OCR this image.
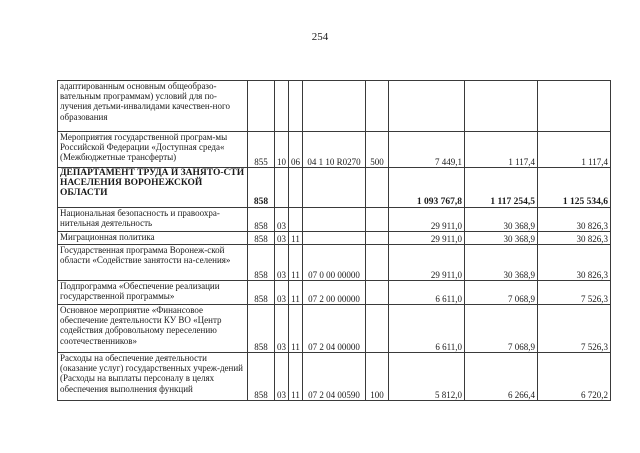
254
адаптированным основным общеобразо-вательным программам) условий для по-лучения детьми-инвалидами качествен-ного образования								
Мероприятия государственной програм-мы Российской Федерации «Доступная среда« (Межбюджетные трансферты)	855	10	06	04 1 10 R0270	500	7 449,1	1 117,4	1 117,4
ДЕПАРТАМЕНТ ТРУДА И ЗАНЯТО-СТИ НАСЕЛЕНИЯ ВОРОНЕЖСКОЙ ОБЛАСТИ	858					1 093 767,8	1 117 254,5	1 125 534,6
Национальная безопасность и правоохра-нительная деятельность	858	03				29 911,0	30 368,9	30 826,3
Миграционная политика	858	03	11			29 911,0	30 368,9	30 826,3
Государственная программа Воронеж-ской области «Содействие занятости на-селения»	858	03	11	07 0 00 00000		29 911,0	30 368,9	30 826,3
Подпрограмма «Обеспечение реализации государственной программы»	858	03	11	07 2 00 00000		6 611,0	7 068,9	7 526,3
Основное мероприятие «Финансовое обеспечение деятельности КУ ВО «Центр содействия добровольному переселению соотечественников»	858	03	11	07 2 04 00000		6 611,0	7 068,9	7 526,3
Расходы на обеспечение деятельности (оказание услуг) государственных учреж-дений (Расходы на выплаты персоналу в целях обеспечения выполнения функций	858	03	11	07 2 04 00590	100	5 812,0	6 266,4	6 720,2
